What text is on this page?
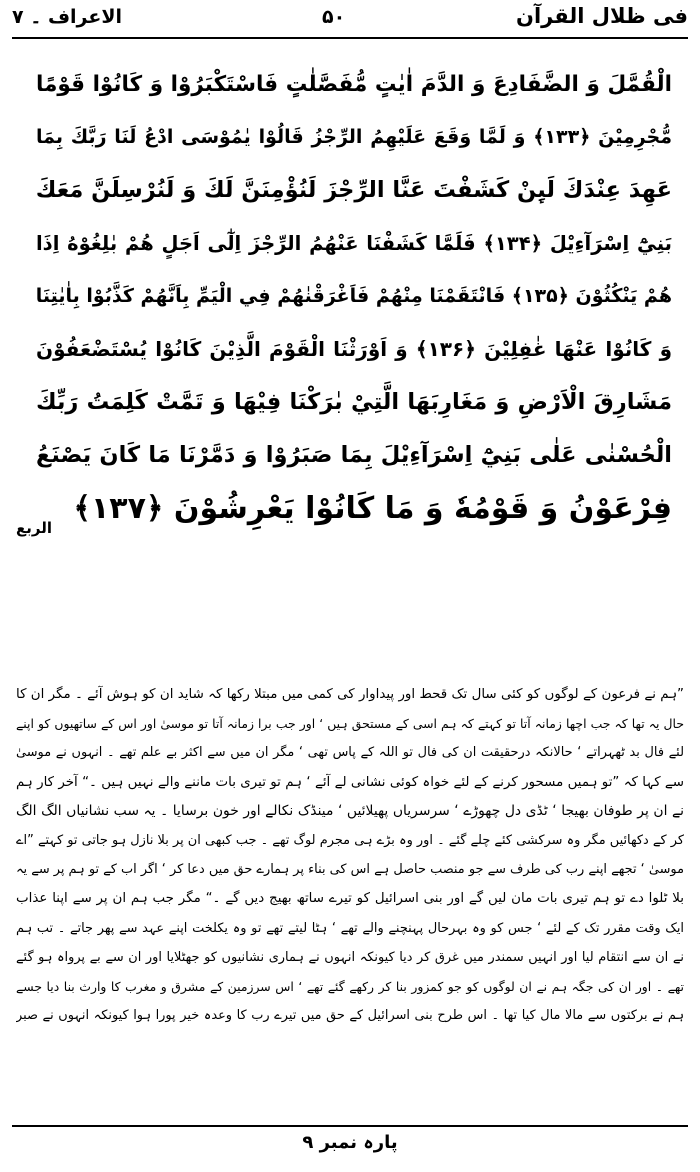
فی ظلال القرآن
۵۰
الاعراف ۔ ۷
الْقُمَّلَ وَ الضَّفَادِعَ وَ الدَّمَ اٰيٰتٍ مُّفَصَّلٰتٍ فَاسْتَكْبَرُوْا وَ كَانُوْا قَوْمًا
مُّجْرِمِيْنَ ﴿۱۳۳﴾ وَ لَمَّا وَقَعَ عَلَيْهِمُ الرِّجْزُ قَالُوْا يٰمُوْسَى ادْعُ لَنَا رَبَّكَ بِمَا
عَهِدَ عِنْدَكَ لَىِٕنْ كَشَفْتَ عَنَّا الرِّجْزَ لَنُؤْمِنَنَّ لَكَ وَ لَنُرْسِلَنَّ مَعَكَ
بَنِيْٓ اِسْرَآءِيْلَ ﴿۱۳۴﴾ فَلَمَّا كَشَفْنَا عَنْهُمُ الرِّجْزَ اِلٰٓى اَجَلٍ هُمْ بٰلِغُوْهُ اِذَا
هُمْ يَنْكُثُوْنَ ﴿۱۳۵﴾ فَانْتَقَمْنَا مِنْهُمْ فَاَغْرَقْنٰهُمْ فِي الْيَمِّ بِاَنَّهُمْ كَذَّبُوْا بِاٰيٰتِنَا
وَ كَانُوْا عَنْهَا غٰفِلِيْنَ ﴿۱۳۶﴾ وَ اَوْرَثْنَا الْقَوْمَ الَّذِيْنَ كَانُوْا يُسْتَضْعَفُوْنَ
مَشَارِقَ الْاَرْضِ وَ مَغَارِبَهَا الَّتِيْ بٰرَكْنَا فِيْهَا وَ تَمَّتْ كَلِمَتُ رَبِّكَ
الْحُسْنٰى عَلٰى بَنِيْٓ اِسْرَآءِيْلَ بِمَا صَبَرُوْا وَ دَمَّرْنَا مَا كَانَ يَصْنَعُ
فِرْعَوْنُ وَ قَوْمُهٗ وَ مَا كَانُوْا يَعْرِشُوْنَ ﴿۱۳۷﴾
الربع
”ہم نے فرعون کے لوگوں کو کئی سال تک قحط اور پیداوار کی کمی میں مبتلا رکھا کہ شاید ان کو ہوش آئے ۔ مگر ان کا
حال یہ تھا کہ جب اچھا زمانہ آتا تو کہتے کہ ہم اسی کے مستحق ہیں ‘ اور جب برا زمانہ آتا تو موسیٰ اور اس کے ساتھیوں کو اپنے
لئے فال بد ٹھہراتے ‘ حالانکہ درحقیقت ان کی فال تو اللہ کے پاس تھی ‘ مگر ان میں سے اکثر بے علم تھے ۔ انہوں نے موسیٰ
سے کہا کہ ”تو ہمیں مسحور کرنے کے لئے خواہ کوئی نشانی لے آئے ‘ ہم تو تیری بات ماننے والے نہیں ہیں ۔“ آخر کار ہم
نے ان پر طوفان بھیجا ‘ ٹڈی دل چھوڑے ‘ سرسریاں پھیلائیں ‘ مینڈک نکالے اور خون برسایا ۔ یہ سب نشانیاں الگ الگ
کر کے دکھائیں مگر وہ سرکشی کئے چلے گئے ۔ اور وہ بڑے ہی مجرم لوگ تھے ۔ جب کبھی ان پر بلا نازل ہو جاتی تو کہتے ”اے
موسیٰ ‘ تجھے اپنے رب کی طرف سے جو منصب حاصل ہے اس کی بناء پر ہمارے حق میں دعا کر ‘ اگر اب کے تو ہم پر سے یہ
بلا ٹلوا دے تو ہم تیری بات مان لیں گے اور بنی اسرائیل کو تیرے ساتھ بھیج دیں گے ۔“ مگر جب ہم ان پر سے اپنا عذاب
ایک وقت مقرر تک کے لئے ‘ جس کو وہ بہرحال پہنچنے والے تھے ‘ ہٹا لیتے تھے تو وہ یکلخت اپنے عہد سے پھر جاتے ۔ تب ہم
نے ان سے انتقام لیا اور انہیں سمندر میں غرق کر دیا کیونکہ انہوں نے ہماری نشانیوں کو جھٹلایا اور ان سے بے پرواہ ہو گئے
تھے ۔ اور ان کی جگہ ہم نے ان لوگوں کو جو کمزور بنا کر رکھے گئے تھے ‘ اس سرزمین کے مشرق و مغرب کا وارث بنا دیا جسے
ہم نے برکتوں سے مالا مال کیا تھا ۔ اس طرح بنی اسرائیل کے حق میں تیرے رب کا وعدہ خیر پورا ہوا کیونکہ انہوں نے صبر
پارہ نمبر ۹
